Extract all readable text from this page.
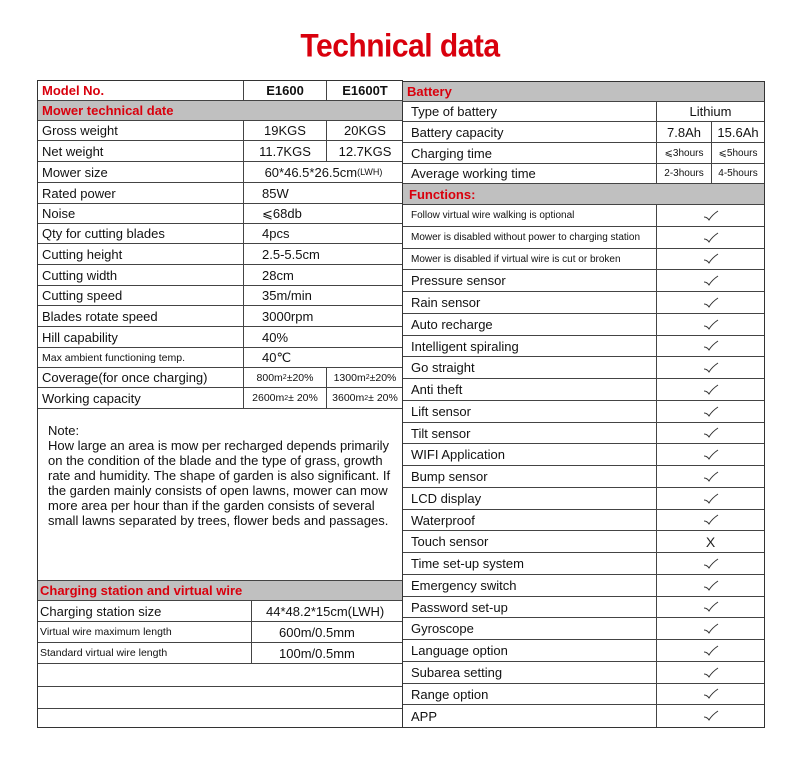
Technical data
Model No.	E1600	E1600T
Mower technical date
Gross weight	19KGS	20KGS
Net weight	11.7KGS	12.7KGS
Mower size	60*46.5*26.5cm (LWH)
Rated power	85W
Noise	⩽68db
Qty for cutting blades	4pcs
Cutting height	2.5-5.5cm
Cutting width	28cm
Cutting speed	35m/min
Blades rotate speed	3000rpm
Hill capability	40%
Max ambient functioning temp.	40℃
Coverage(for once charging)	800m 2 ±20%	1300m 2 ±20%
Working capacity	2600m 2 ± 20%	3600m 2 ± 20%
Note:
How large an area is mow per recharged depends primarily on the condition of the blade and the type of grass, growth rate and humidity. The shape of garden is also significant. If the garden mainly consists of open lawns, mower can mow more area per hour than if the garden consists of several small lawns separated by trees, flower beds and passages.
Charging station and virtual wire
Charging station size	44*48.2*15cm(LWH)
Virtual wire maximum length	600m/0.5mm
Standard virtual wire length	100m/0.5mm
Battery
Type of battery	Lithium
Battery capacity	7.8Ah	15.6Ah
Charging time	⩽3hours	⩽5hours
Average working time	2-3hours	4-5hours
Functions:
Follow virtual wire walking is optional
Mower is disabled without power to charging station
Mower is disabled if virtual wire is cut or broken
Pressure sensor
Rain sensor
Auto recharge
Intelligent spiraling
Go straight
Anti theft
Lift sensor
Tilt sensor
WIFI Application
Bump sensor
LCD display
Waterproof
Touch sensor	X
Time set-up system
Emergency switch
Password set-up
Gyroscope
Language option
Subarea setting
Range option
APP
